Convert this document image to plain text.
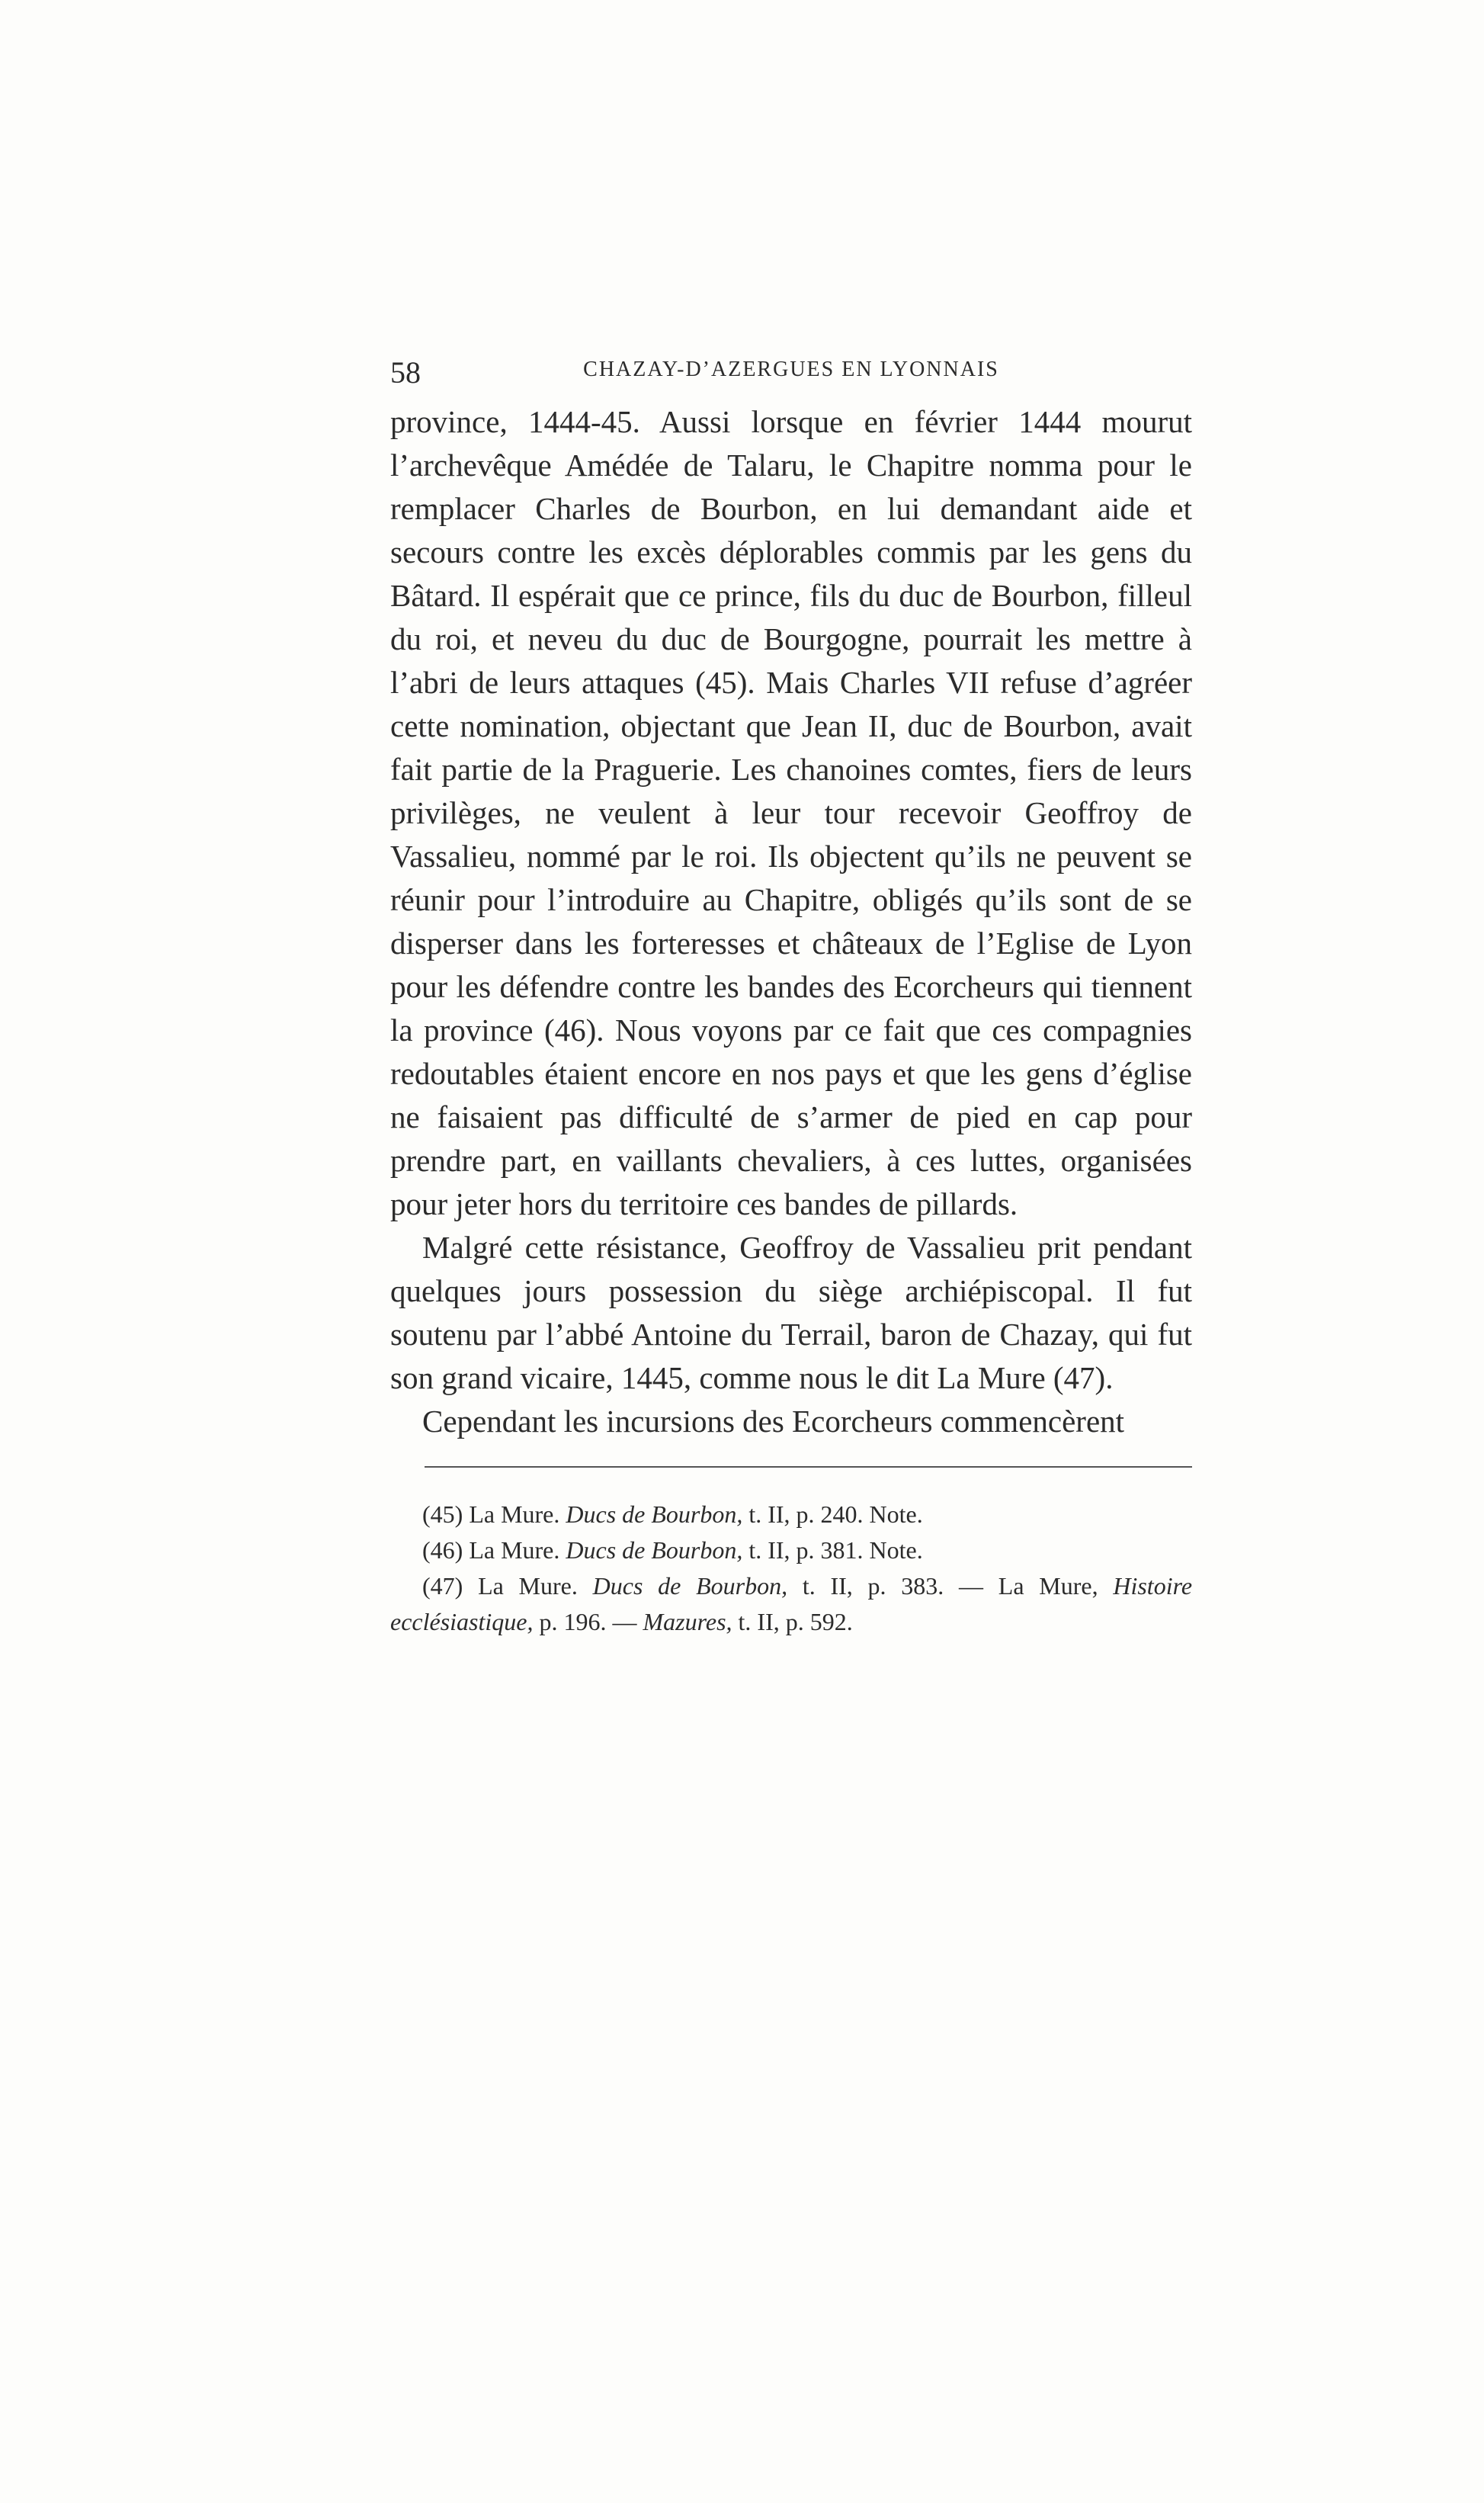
58	CHAZAY-D’AZERGUES EN LYONNAIS

province, 1444-45. Aussi lorsque en février 1444 mourut l’archevêque Amédée de Talaru, le Chapitre nomma pour le remplacer Charles de Bourbon, en lui demandant aide et secours contre les excès déplorables commis par les gens du Bâtard. Il espérait que ce prince, fils du duc de Bourbon, filleul du roi, et neveu du duc de Bourgogne, pourrait les mettre à l’abri de leurs attaques (45). Mais Charles VII refuse d’agréer cette nomination, objectant que Jean II, duc de Bourbon, avait fait partie de la Praguerie. Les chanoines comtes, fiers de leurs privilèges, ne veulent à leur tour recevoir Geoffroy de Vassalieu, nommé par le roi. Ils objectent qu’ils ne peuvent se réunir pour l’introduire au Chapitre, obligés qu’ils sont de se disperser dans les forteresses et châteaux de l’Eglise de Lyon pour les défendre contre les bandes des Ecorcheurs qui tiennent la province (46). Nous voyons par ce fait que ces compagnies redoutables étaient encore en nos pays et que les gens d’église ne faisaient pas difficulté de s’armer de pied en cap pour prendre part, en vaillants chevaliers, à ces luttes, organisées pour jeter hors du territoire ces bandes de pillards.

Malgré cette résistance, Geoffroy de Vassalieu prit pendant quelques jours possession du siège archiépiscopal. Il fut soutenu par l’abbé Antoine du Terrail, baron de Chazay, qui fut son grand vicaire, 1445, comme nous le dit La Mure (47).

Cependant les incursions des Ecorcheurs commencèrent

(45) La Mure. Ducs de Bourbon, t. II, p. 240. Note.

(46) La Mure. Ducs de Bourbon, t. II, p. 381. Note.

(47) La Mure. Ducs de Bourbon, t. II, p. 383. — La Mure, Histoire ecclésiastique, p. 196. — Mazures, t. II, p. 592.
